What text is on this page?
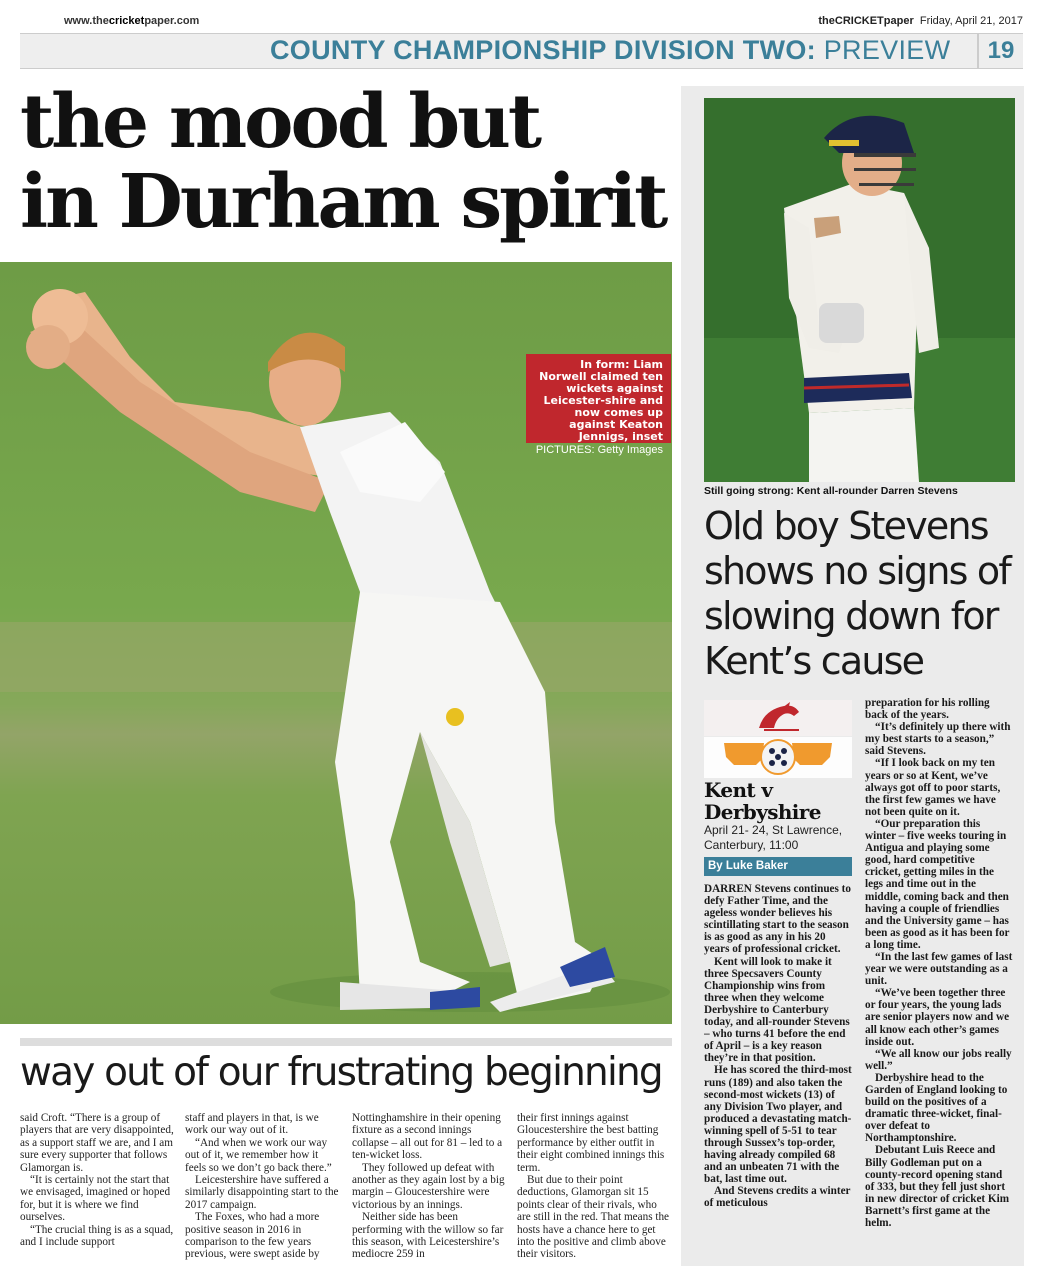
www.thecricketpaper.com	theCRICKETpaper Friday, April 21, 2017
COUNTY CHAMPIONSHIP DIVISION TWO: PREVIEW	19
the mood but
in Durham spirit
In form: Liam Norwell claimed ten wickets against Leicester-shire and now comes up against Keaton Jennigs, inset
PICTURES: Getty Images
way out of our frustrating beginning

said Croft. “There is a group of players that are very disappointed, as a support staff we are, and I am sure every supporter that follows Glamorgan is.

“It is certainly not the start that we envisaged, imagined or hoped for, but it is where we find ourselves.

“The crucial thing is as a squad, and I include support

staff and players in that, is we work our way out of it.

“And when we work our way out of it, we remember how it feels so we don’t go back there.”

Leicestershire have suffered a similarly disappointing start to the 2017 campaign.

The Foxes, who had a more positive season in 2016 in comparison to the few years previous, were swept aside by

Nottinghamshire in their opening fixture as a second innings collapse – all out for 81 – led to a ten-wicket loss.

They followed up defeat with another as they again lost by a big margin – Gloucestershire were victorious by an innings.

Neither side has been performing with the willow so far this season, with Leicestershire’s mediocre 259 in

their first innings against Gloucestershire the best batting performance by either outfit in their eight combined innings this term.

But due to their point deductions, Glamorgan sit 15 points clear of their rivals, who are still in the red. That means the hosts have a chance here to get into the positive and climb above their visitors.

Still going strong: Kent all-rounder Darren Stevens
Old boy Stevens shows no signs of slowing down for Kent’s cause
Kent v
Derbyshire
April 21- 24, St Lawrence, Canterbury, 11:00
By Luke Baker

DARREN Stevens continues to defy Father Time, and the ageless wonder believes his scintillating start to the season is as good as any in his 20 years of professional cricket.

Kent will look to make it three Specsavers County Championship wins from three when they welcome Derbyshire to Canterbury today, and all-rounder Stevens – who turns 41 before the end of April – is a key reason they’re in that position.

He has scored the third-most runs (189) and also taken the second-most wickets (13) of any Division Two player, and produced a devastating match-winning spell of 5-51 to tear through Sussex’s top-order, having already compiled 68 and an unbeaten 71 with the bat, last time out.

And Stevens credits a winter of meticulous

preparation for his rolling back of the years.

“It’s definitely up there with my best starts to a season,” said Stevens.

“If I look back on my ten years or so at Kent, we’ve always got off to poor starts, the first few games we have not been quite on it.

“Our preparation this winter – five weeks touring in Antigua and playing some good, hard competitive cricket, getting miles in the legs and time out in the middle, coming back and then having a couple of friendlies and the University game – has been as good as it has been for a long time.

“In the last few games of last year we were outstanding as a unit.

“We’ve been together three or four years, the young lads are senior players now and we all know each other’s games inside out.

“We all know our jobs really well.”

Derbyshire head to the Garden of England looking to build on the positives of a dramatic three-wicket, final-over defeat to Northamptonshire.

Debutant Luis Reece and Billy Godleman put on a county-record opening stand of 333, but they fell just short in new director of cricket Kim Barnett’s first game at the helm.
